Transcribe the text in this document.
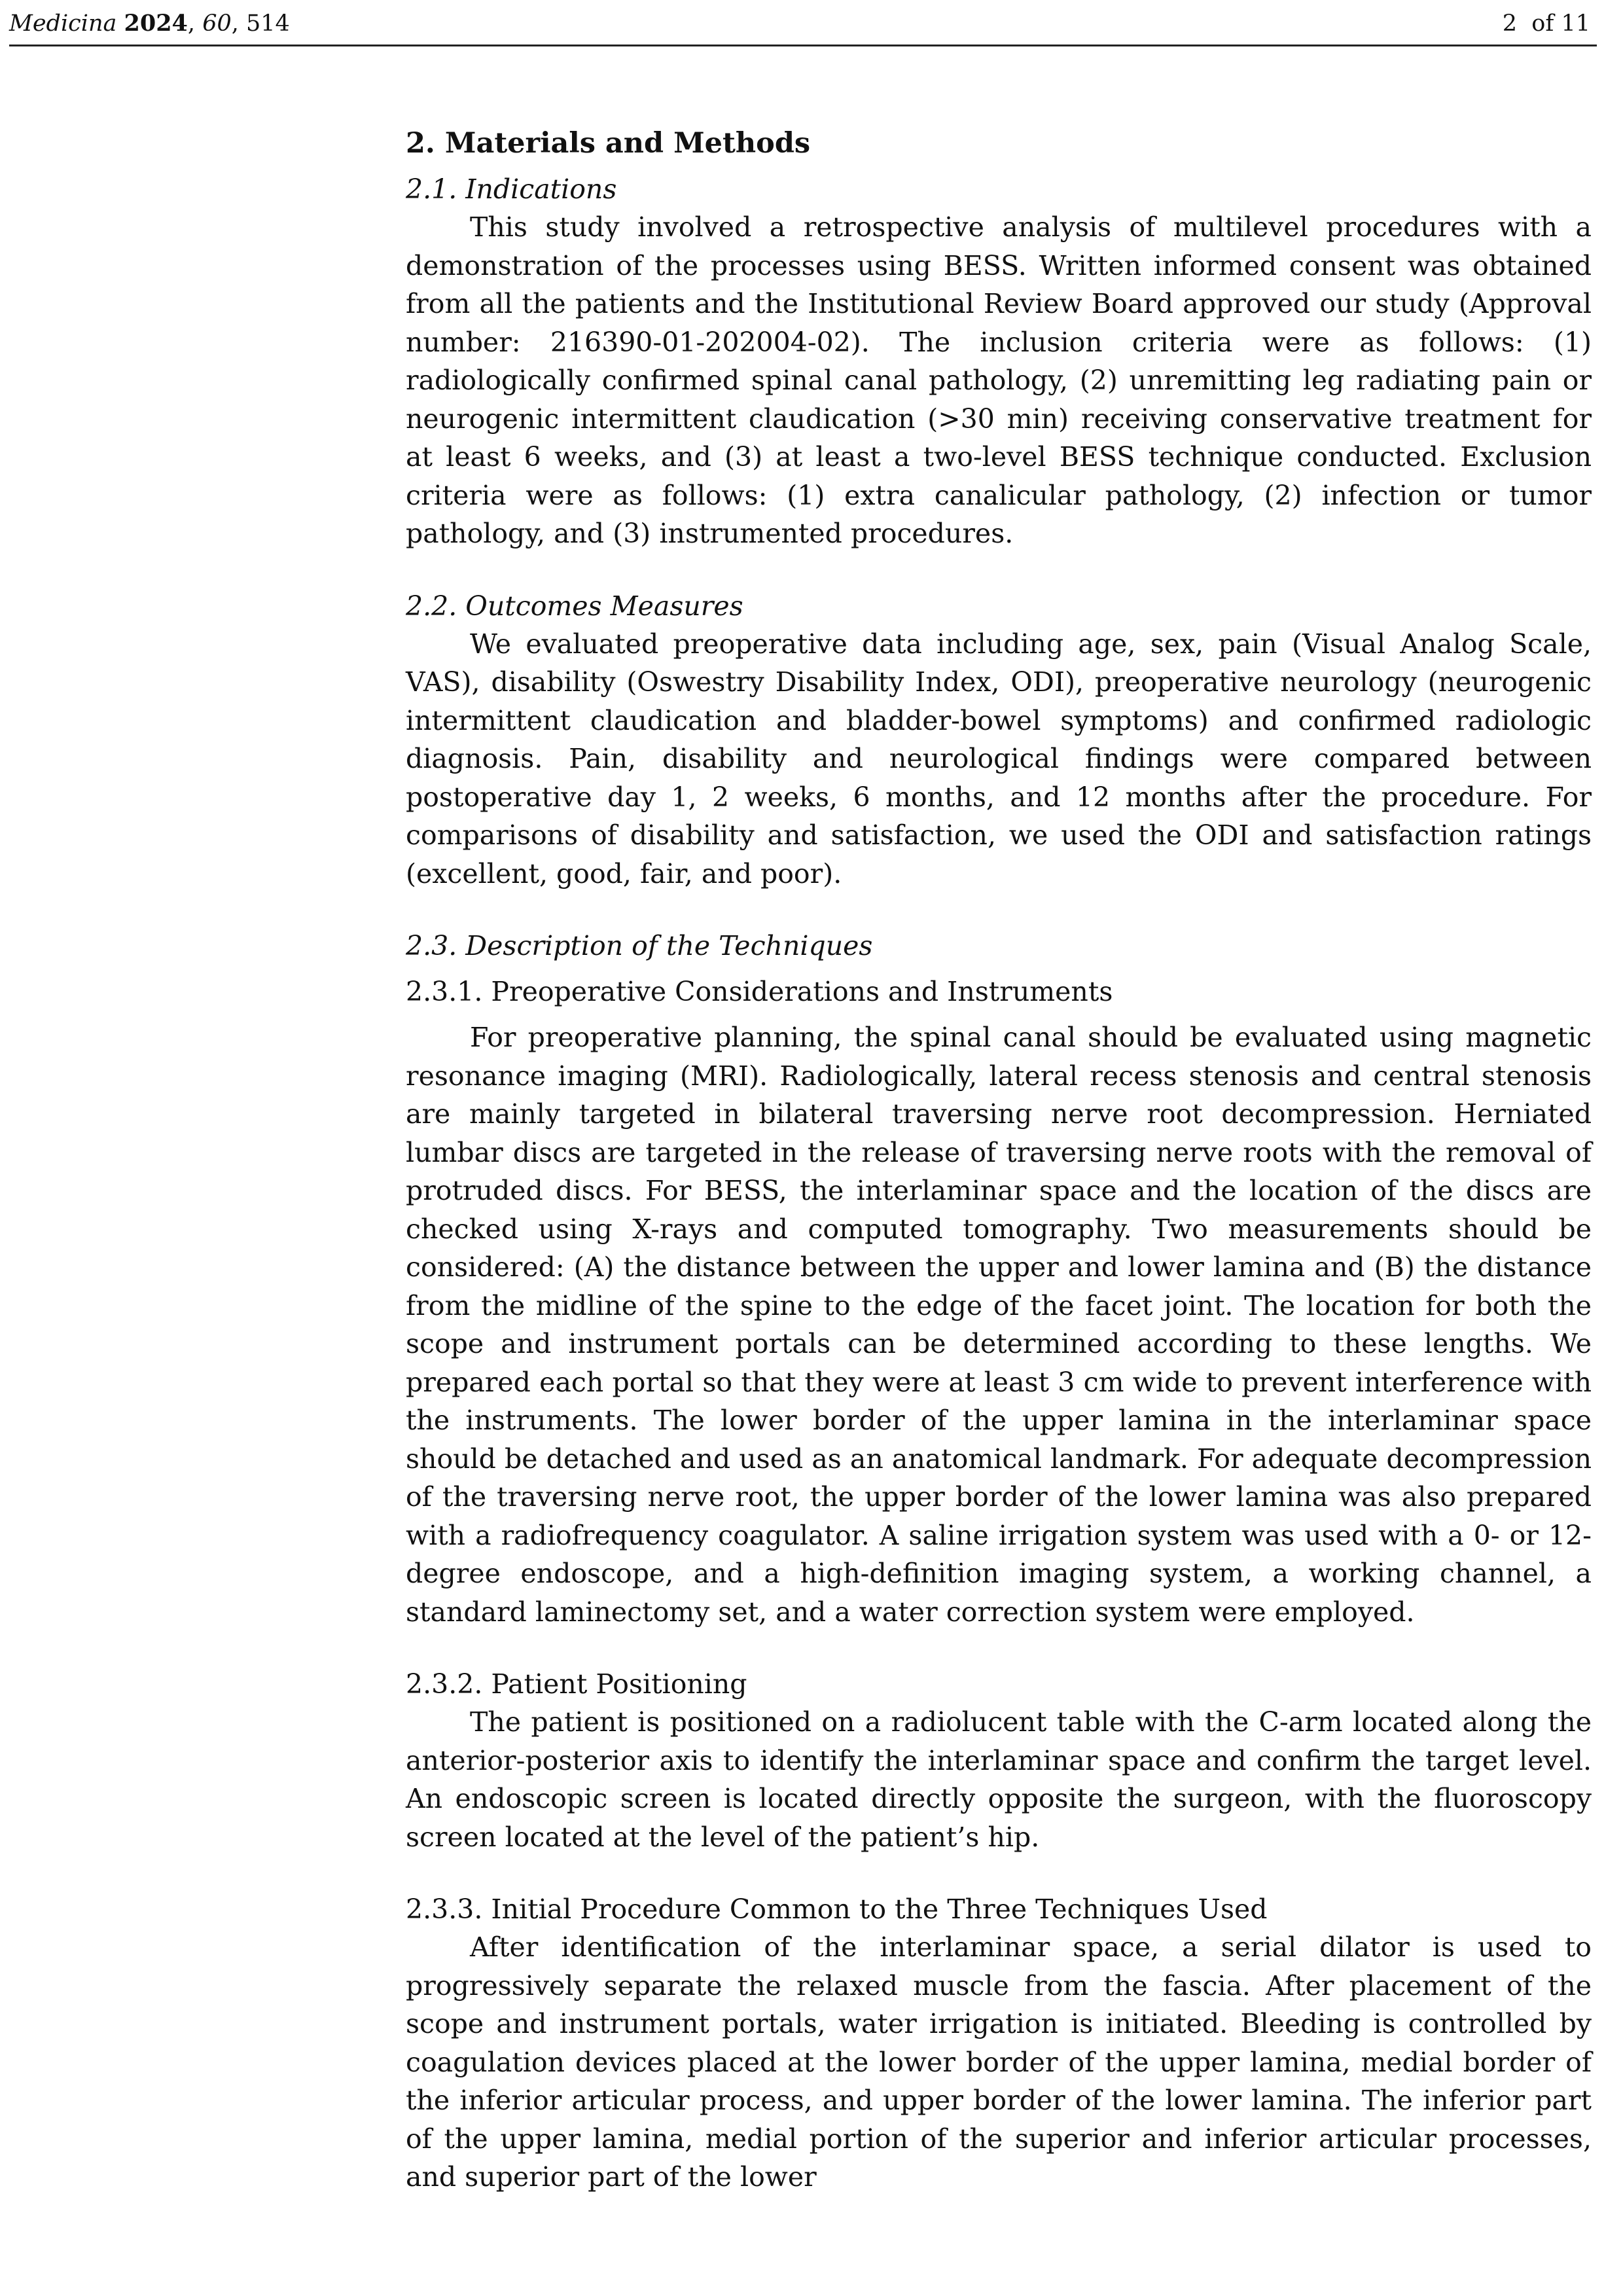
Medicina 2024, 60, 514	2 of 11
2. Materials and Methods

2.1. Indications

This study involved a retrospective analysis of multilevel procedures with a demonstration of the processes using BESS. Written informed consent was obtained from all the patients and the Institutional Review Board approved our study (Approval number: 216390-01-202004-02). The inclusion criteria were as follows: (1) radiologically confirmed spinal canal pathology, (2) unremitting leg radiating pain or neurogenic intermittent claudication (>30 min) receiving conservative treatment for at least 6 weeks, and (3) at least a two-level BESS technique conducted. Exclusion criteria were as follows: (1) extra canalicular pathology, (2) infection or tumor pathology, and (3) instrumented procedures.

2.2. Outcomes Measures

We evaluated preoperative data including age, sex, pain (Visual Analog Scale, VAS), disability (Oswestry Disability Index, ODI), preoperative neurology (neurogenic intermittent claudication and bladder-bowel symptoms) and confirmed radiologic diagnosis. Pain, disability and neurological findings were compared between postoperative day 1, 2 weeks, 6 months, and 12 months after the procedure. For comparisons of disability and satisfaction, we used the ODI and satisfaction ratings (excellent, good, fair, and poor).

2.3. Description of the Techniques

2.3.1. Preoperative Considerations and Instruments

For preoperative planning, the spinal canal should be evaluated using magnetic resonance imaging (MRI). Radiologically, lateral recess stenosis and central stenosis are mainly targeted in bilateral traversing nerve root decompression. Herniated lumbar discs are targeted in the release of traversing nerve roots with the removal of protruded discs. For BESS, the interlaminar space and the location of the discs are checked using X-rays and computed tomography. Two measurements should be considered: (A) the distance between the upper and lower lamina and (B) the distance from the midline of the spine to the edge of the facet joint. The location for both the scope and instrument portals can be determined according to these lengths. We prepared each portal so that they were at least 3 cm wide to prevent interference with the instruments. The lower border of the upper lamina in the interlaminar space should be detached and used as an anatomical landmark. For adequate decompression of the traversing nerve root, the upper border of the lower lamina was also prepared with a radiofrequency coagulator. A saline irrigation system was used with a 0- or 12-degree endoscope, and a high-definition imaging system, a working channel, a standard laminectomy set, and a water correction system were employed.

2.3.2. Patient Positioning

The patient is positioned on a radiolucent table with the C-arm located along the anterior-posterior axis to identify the interlaminar space and confirm the target level. An endoscopic screen is located directly opposite the surgeon, with the fluoroscopy screen located at the level of the patient’s hip.

2.3.3. Initial Procedure Common to the Three Techniques Used

After identification of the interlaminar space, a serial dilator is used to progressively separate the relaxed muscle from the fascia. After placement of the scope and instrument portals, water irrigation is initiated. Bleeding is controlled by coagulation devices placed at the lower border of the upper lamina, medial border of the inferior articular process, and upper border of the lower lamina. The inferior part of the upper lamina, medial portion of the superior and inferior articular processes, and superior part of the lower
